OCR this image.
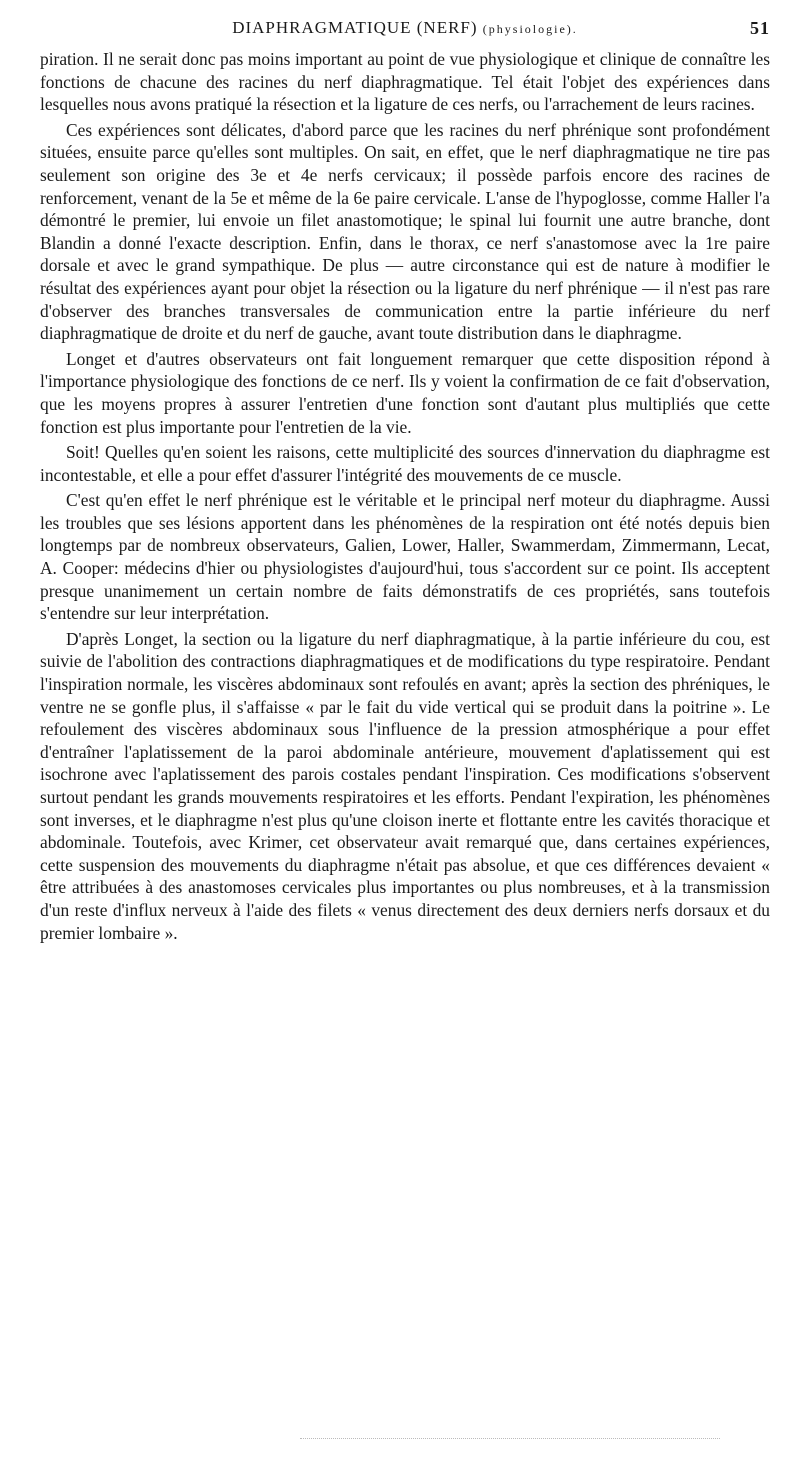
DIAPHRAGMATIQUE (NERF) (physiologie).	51

piration. Il ne serait donc pas moins important au point de vue physiologique et clinique de connaître les fonctions de chacune des racines du nerf diaphragmatique. Tel était l'objet des expériences dans lesquelles nous avons pratiqué la résection et la ligature de ces nerfs, ou l'arrachement de leurs racines.

Ces expériences sont délicates, d'abord parce que les racines du nerf phrénique sont profondément situées, ensuite parce qu'elles sont multiples. On sait, en effet, que le nerf diaphragmatique ne tire pas seulement son origine des 3e et 4e nerfs cervicaux; il possède parfois encore des racines de renforcement, venant de la 5e et même de la 6e paire cervicale. L'anse de l'hypoglosse, comme Haller l'a démontré le premier, lui envoie un filet anastomotique; le spinal lui fournit une autre branche, dont Blandin a donné l'exacte description. Enfin, dans le thorax, ce nerf s'anastomose avec la 1re paire dorsale et avec le grand sympathique. De plus — autre circonstance qui est de nature à modifier le résultat des expériences ayant pour objet la résection ou la ligature du nerf phrénique — il n'est pas rare d'observer des branches transversales de communication entre la partie inférieure du nerf diaphragmatique de droite et du nerf de gauche, avant toute distribution dans le diaphragme.

Longet et d'autres observateurs ont fait longuement remarquer que cette disposition répond à l'importance physiologique des fonctions de ce nerf. Ils y voient la confirmation de ce fait d'observation, que les moyens propres à assurer l'entretien d'une fonction sont d'autant plus multipliés que cette fonction est plus importante pour l'entretien de la vie.

Soit! Quelles qu'en soient les raisons, cette multiplicité des sources d'innervation du diaphragme est incontestable, et elle a pour effet d'assurer l'intégrité des mouvements de ce muscle.

C'est qu'en effet le nerf phrénique est le véritable et le principal nerf moteur du diaphragme. Aussi les troubles que ses lésions apportent dans les phénomènes de la respiration ont été notés depuis bien longtemps par de nombreux observateurs, Galien, Lower, Haller, Swammerdam, Zimmermann, Lecat, A. Cooper: médecins d'hier ou physiologistes d'aujourd'hui, tous s'accordent sur ce point. Ils acceptent presque unanimement un certain nombre de faits démonstratifs de ces propriétés, sans toutefois s'entendre sur leur interprétation.

D'après Longet, la section ou la ligature du nerf diaphragmatique, à la partie inférieure du cou, est suivie de l'abolition des contractions diaphragmatiques et de modifications du type respiratoire. Pendant l'inspiration normale, les viscères abdominaux sont refoulés en avant; après la section des phréniques, le ventre ne se gonfle plus, il s'affaisse « par le fait du vide vertical qui se produit dans la poitrine ». Le refoulement des viscères abdominaux sous l'influence de la pression atmosphérique a pour effet d'entraîner l'aplatissement de la paroi abdominale antérieure, mouvement d'aplatissement qui est isochrone avec l'aplatissement des parois costales pendant l'inspiration. Ces modifications s'observent surtout pendant les grands mouvements respiratoires et les efforts. Pendant l'expiration, les phénomènes sont inverses, et le diaphragme n'est plus qu'une cloison inerte et flottante entre les cavités thoracique et abdominale. Toutefois, avec Krimer, cet observateur avait remarqué que, dans certaines expériences, cette suspension des mouvements du diaphragme n'était pas absolue, et que ces différences devaient « être attribuées à des anastomoses cervicales plus importantes ou plus nombreuses, et à la transmission d'un reste d'influx nerveux à l'aide des filets « venus directement des deux derniers nerfs dorsaux et du premier lombaire ».
